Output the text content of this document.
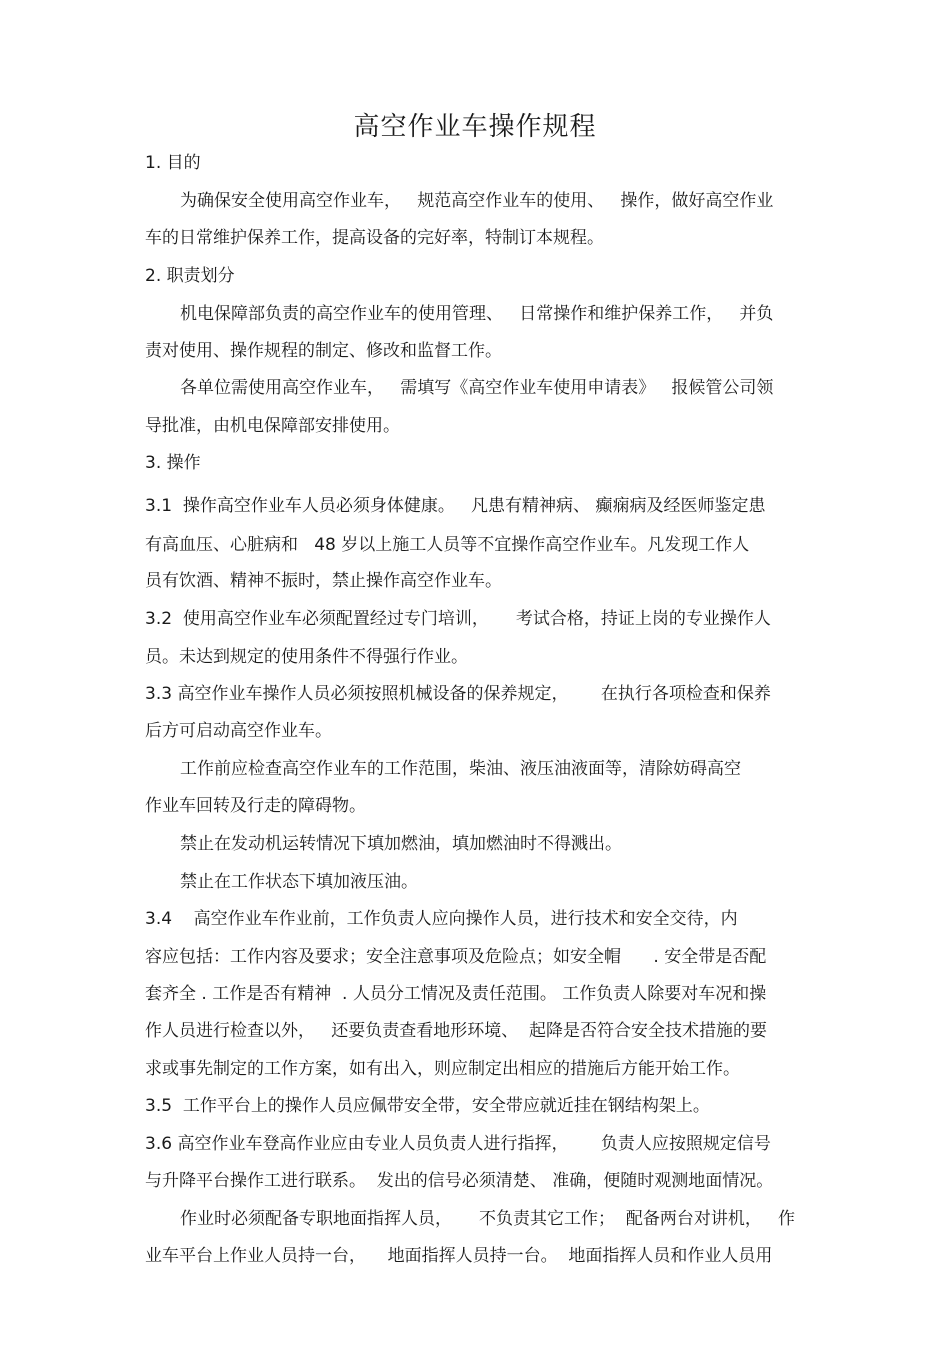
高空作业车操作规程
1. 目的
为确保安全使用高空作业车，   规范高空作业车的使用、   操作，做好高空作业
车的日常维护保养工作，提高设备的完好率，特制订本规程。
2. 职责划分
机电保障部负责的高空作业车的使用管理、   日常操作和维护保养工作，   并负
责对使用、操作规程的制定、修改和监督工作。
各单位需使用高空作业车，   需填写《高空作业车使用申请表》   报候管公司领
导批准，由机电保障部安排使用。
3. 操作
3.1  操作高空作业车人员必须身体健康。   凡患有精神病、 癫痫病及经医师鉴定患
有高血压、心脏病和   48 岁以上施工人员等不宜操作高空作业车。凡发现工作人
员有饮酒、精神不振时，禁止操作高空作业车。
3.2  使用高空作业车必须配置经过专门培训，     考试合格，持证上岗的专业操作人
员。未达到规定的使用条件不得强行作业。
3.3 高空作业车操作人员必须按照机械设备的保养规定，      在执行各项检查和保养
后方可启动高空作业车。
工作前应检查高空作业车的工作范围，柴油、液压油液面等，清除妨碍高空
作业车回转及行走的障碍物。
禁止在发动机运转情况下填加燃油，填加燃油时不得溅出。
禁止在工作状态下填加液压油。
3.4    高空作业车作业前，工作负责人应向操作人员，进行技术和安全交待，内
容应包括：工作内容及要求；安全注意事项及危险点；如安全帽      . 安全带是否配
套齐全 . 工作是否有精神  . 人员分工情况及责任范围。 工作负责人除要对车况和操
作人员进行检查以外，   还要负责查看地形环境、  起降是否符合安全技术措施的要
求或事先制定的工作方案，如有出入，则应制定出相应的措施后方能开始工作。
3.5  工作平台上的操作人员应佩带安全带，安全带应就近挂在钢结构架上。
3.6 高空作业车登高作业应由专业人员负责人进行指挥，      负责人应按照规定信号
与升降平台操作工进行联系。  发出的信号必须清楚、 准确，便随时观测地面情况。
作业时必须配备专职地面指挥人员，     不负责其它工作；  配备两台对讲机，   作
业车平台上作业人员持一台，    地面指挥人员持一台。  地面指挥人员和作业人员用
